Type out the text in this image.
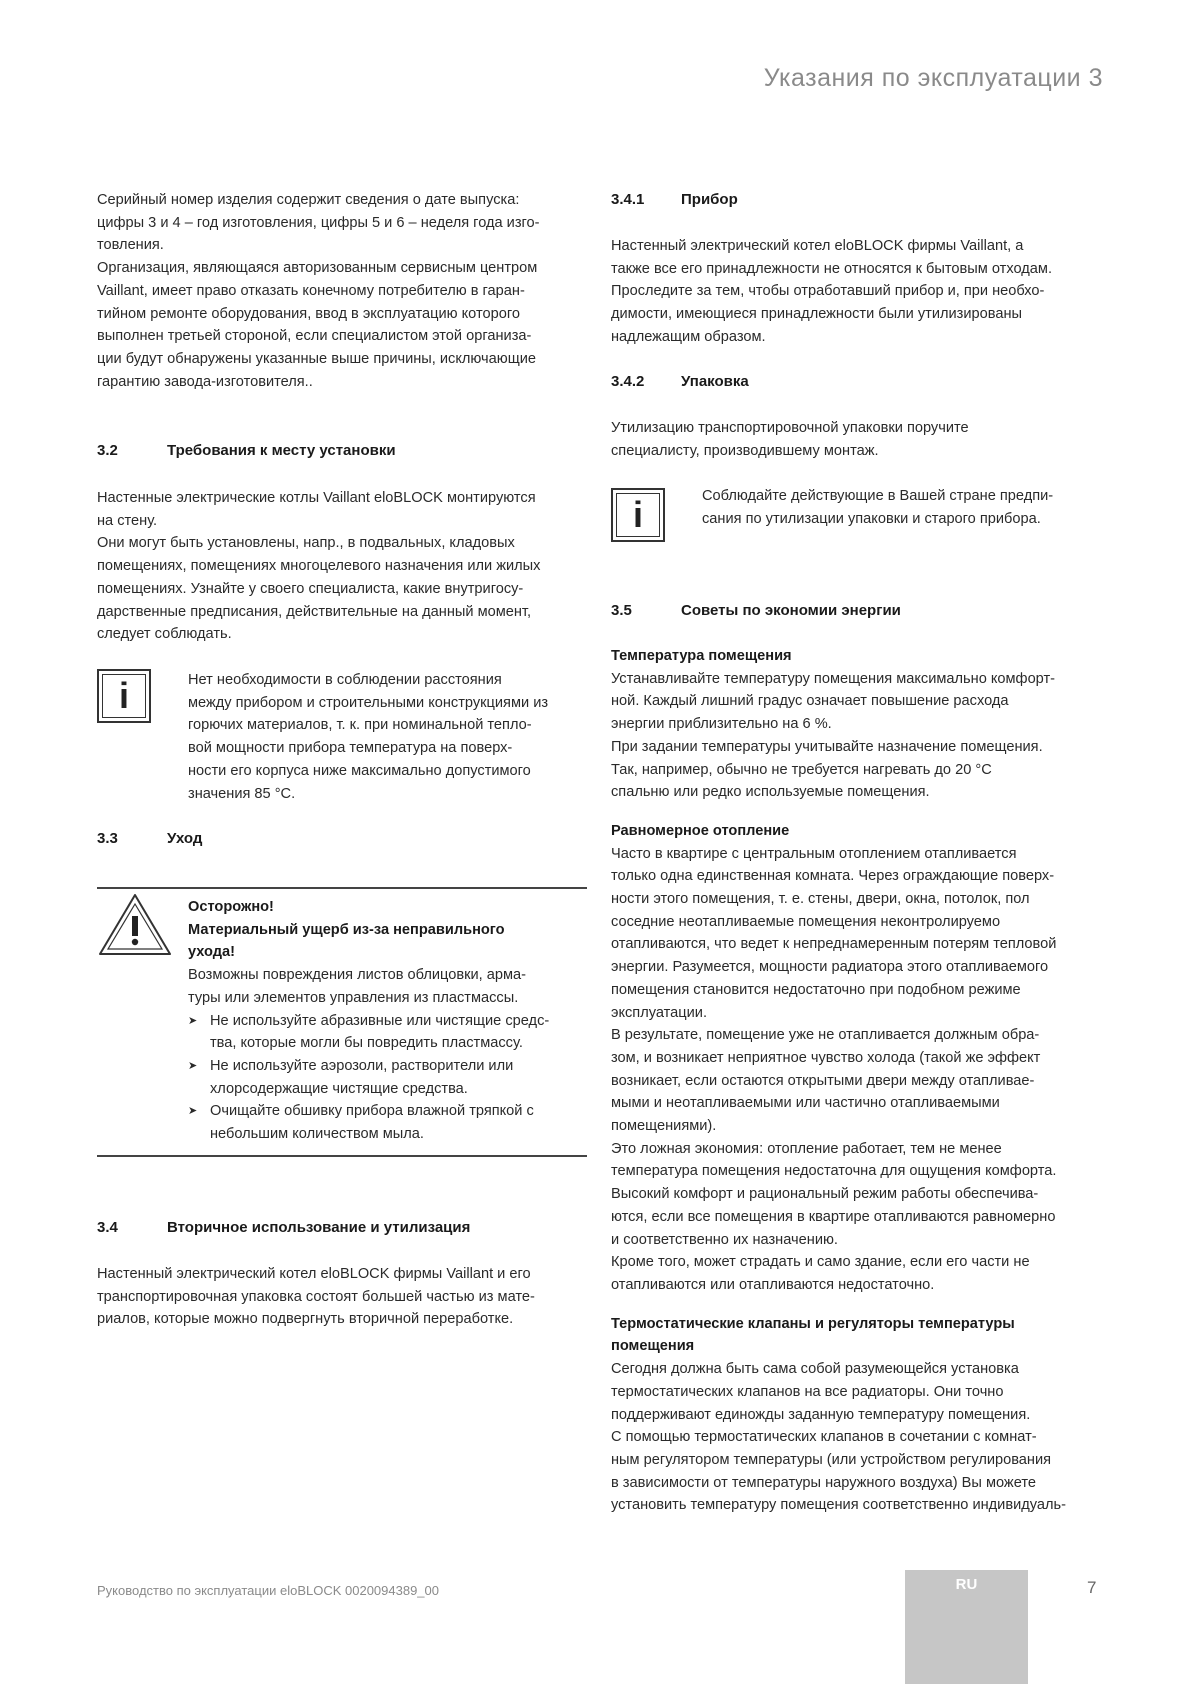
Указания по эксплуатации 3
Серийный номер изделия содержит сведения о дате выпуска:
цифры 3 и 4 – год изготовления, цифры 5 и 6 – неделя года изго-
товления.
Организация, являющаяся авторизованным сервисным центром
Vaillant, имеет право отказать конечному потребителю в гаран-
тийном ремонте оборудования, ввод в эксплуатацию которого
выполнен третьей стороной, если специалистом этой организа-
ции будут обнаружены указанные выше причины, исключающие
гарантию завода-изготовителя..
3.2	Требования к месту установки
Настенные электрические котлы Vaillant eloBLOCK монтируются
на стену.
Они могут быть установлены, напр., в подвальных, кладовых
помещениях, помещениях многоцелевого назначения или жилых
помещениях. Узнайте у своего специалиста, какие внутригосу-
дарственные предписания, действительные на данный момент,
следует соблюдать.
i	Нет необходимости в соблюдении расстояния
между прибором и строительными конструкциями из
горючих материалов, т. к. при номинальной тепло-
вой мощности прибора температура на поверх-
ности его корпуса ниже максимально допустимого
значения 85 °C.
3.3	Уход
Осторожно!
Материальный ущерб из-за неправильного
ухода!
Возможны повреждения листов облицовки, арма-
туры или элементов управления из пластмассы.
➤ Не используйте абразивные или чистящие средс-
тва, которые могли бы повредить пластмассу.
➤ Не используйте аэрозоли, растворители или
хлорсодержащие чистящие средства.
➤ Очищайте обшивку прибора влажной тряпкой с
небольшим количеством мыла.
3.4	Вторичное использование и утилизация
Настенный электрический котел eloBLOCK фирмы Vaillant и его
транспортировочная упаковка состоят большей частью из мате-
риалов, которые можно подвергнуть вторичной переработке.
3.4.1 Прибор
Настенный электрический котел eloBLOCK фирмы Vaillant, а
также все его принадлежности не относятся к бытовым отходам.
Проследите за тем, чтобы отработавший прибор и, при необхо-
димости, имеющиеся принадлежности были утилизированы
надлежащим образом.
3.4.2 Упаковка
Утилизацию транспортировочной упаковки поручите
специалисту, производившему монтаж.
i	Соблюдайте действующие в Вашей стране предпи-
сания по утилизации упаковки и старого прибора.
3.5	Советы по экономии энергии
Температура помещения
Устанавливайте температуру помещения максимально комфорт-
ной. Каждый лишний градус означает повышение расхода
энергии приблизительно на 6 %.
При задании температуры учитывайте назначение помещения.
Так, например, обычно не требуется нагревать до 20 °C
спальню или редко используемые помещения.
Равномерное отопление
Часто в квартире с центральным отоплением отапливается
только одна единственная комната. Через ограждающие поверх-
ности этого помещения, т. е. стены, двери, окна, потолок, пол
соседние неотапливаемые помещения неконтролируемо
отапливаются, что ведет к непреднамеренным потерям тепловой
энергии. Разумеется, мощности радиатора этого отапливаемого
помещения становится недостаточно при подобном режиме
эксплуатации.
В результате, помещение уже не отапливается должным обра-
зом, и возникает неприятное чувство холода (такой же эффект
возникает, если остаются открытыми двери между отапливае-
мыми и неотапливаемыми или частично отапливаемыми
помещениями).
Это ложная экономия: отопление работает, тем не менее
температура помещения недостаточна для ощущения комфорта.
Высокий комфорт и рациональный режим работы обеспечива-
ются, если все помещения в квартире отапливаются равномерно
и соответственно их назначению.
Кроме того, может страдать и само здание, если его части не
отапливаются или отапливаются недостаточно.
Термостатические клапаны и регуляторы температуры
помещения
Сегодня должна быть сама собой разумеющейся установка
термостатических клапанов на все радиаторы. Они точно
поддерживают единожды заданную температуру помещения.
С помощью термостатических клапанов в сочетании с комнат-
ным регулятором температуры (или устройством регулирования
в зависимости от температуры наружного воздуха) Вы можете
установить температуру помещения соответственно индивидуаль-
Руководство по эксплуатации eloBLOCK 0020094389_00	RU	7
